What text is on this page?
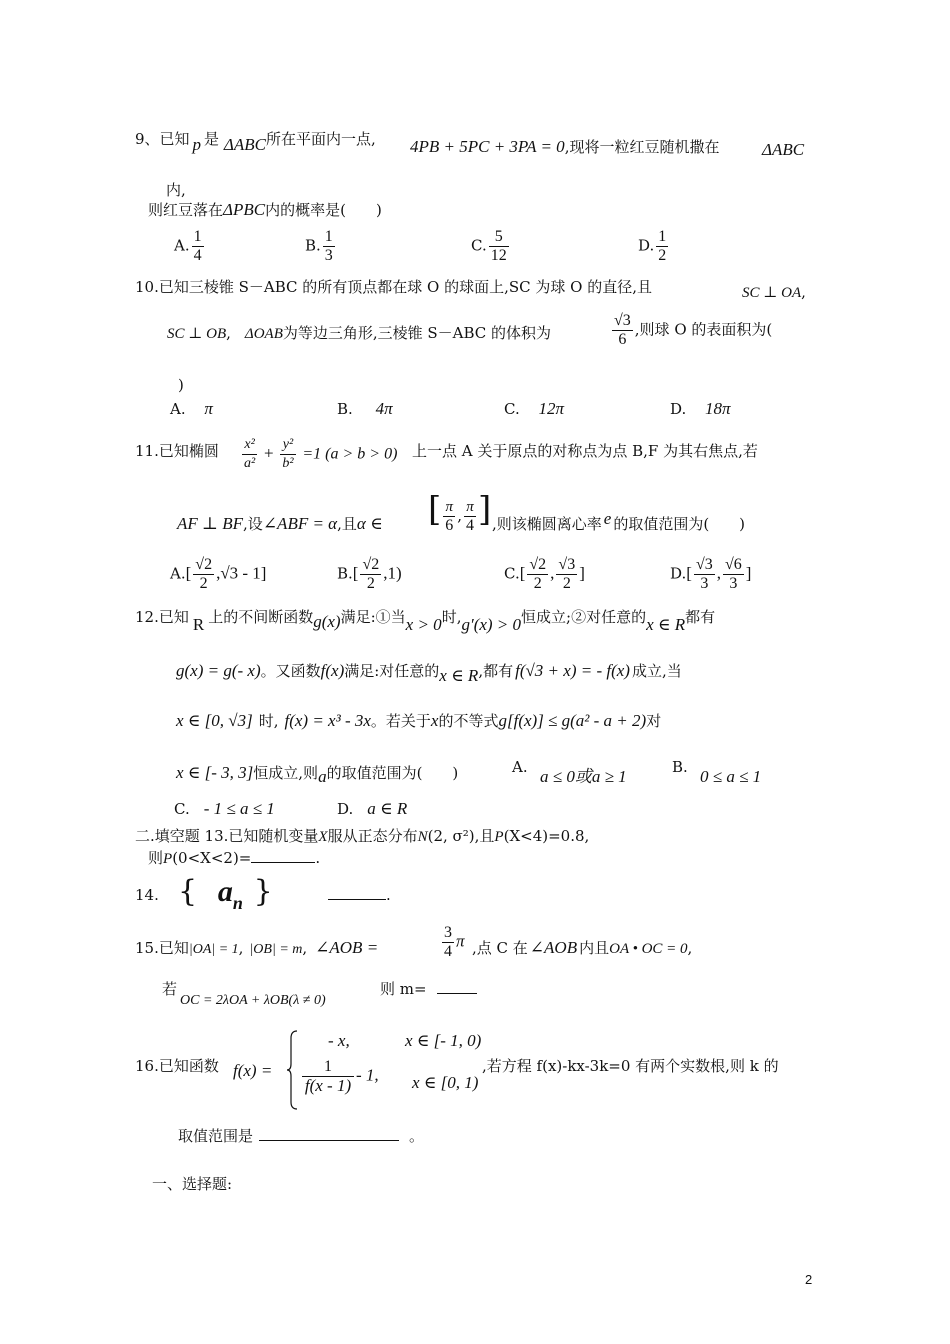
9、已知 p 是 ΔABC所在平面内一点, 4PB + 5PC + 3PA = 0,现将一粒红豆随机撒在	ΔABC
内,
则红豆落在ΔPBC内的概率是(　　)
A. $\frac{1}{4}$	B. $\frac{1}{3}$	C. $\frac{5}{12}$	D. $\frac{1}{2}$
10.已知三棱锥 S－ABC 的所有顶点都在球 O 的球面上,SC 为球 O 的直径,且	SC ⊥ OA,
SC ⊥ OB, ΔOAB为等边三角形,三棱锥 S－ABC 的体积为	$\frac{√3}{6}$ ,则球 O 的表面积为(
)
A. π	B. 4π	C. 12π	D. 18π
11.已知椭圆 $\frac{\text{x²}}{\text{a²}} + \frac{\text{y²}}{\text{b²}} =1$ (a > b > 0) 上一点 A 关于原点的对称点为点 B,F 为其右焦点,若
AF ⊥ BF,设∠ABF = α,且α ∈ [ $\frac{\pi}{6}$ , $\frac{\pi}{4}$ ] ,则该椭圆离心率 e 的取值范围为(　　)
$A.[ \frac{√2}{2} ,√3 - 1]$	$B.[ \frac{√2}{2} ,1)$	$C.[ \frac{√2}{2}$ , $\frac{√3}{2}$ ]	$D.[ \frac{√3}{3}$ , $\frac{√6}{3}$ ]
12.已知 R 上的不间断函数g(x)满足:①当x > 0时,g′(x) > 0恒成立;②对任意的x ∈ R都有
g(x) = g(- x)。又函数f(x)满足:对任意的x ∈ R,都有 f(√3 + x) = - f(x) 成立,当
x ∈ [0, √3] 时, f(x) = x³ - 3x。若关于x的不等式g[f(x)] ≤ g(a² - a + 2)对
x ∈ [- 3, 3]恒成立,则a的取值范围为(　　)	A. a ≤ 0或a ≥ 1	B. 0 ≤ a ≤ 1
C. - 1 ≤ a ≤ 1	D. a ∈ R
二.填空题 13.已知随机变量X服从正态分布N(2, σ²),且P(X<4)=0.8,
则P(0<X<2)=	.
14. { an }	.
15.已知|OA| = 1, |OB| = m, ∠AOB =	$\frac{3}{4}$ π ,点 C 在 ∠AOB 内且OA • OC = 0,
若
OC = 2λOA + λOB(λ ≠ 0)
则 m=
16.已知函数 f(x) =
- x,	x ∈ [- 1, 0)
$\frac{1}{f(x - 1)} - 1$, x ∈ [0, 1)
,若方程 f(x)-kx-3k=0 有两个实数根,则 k 的
取值范围是	。
一、选择题:
2
